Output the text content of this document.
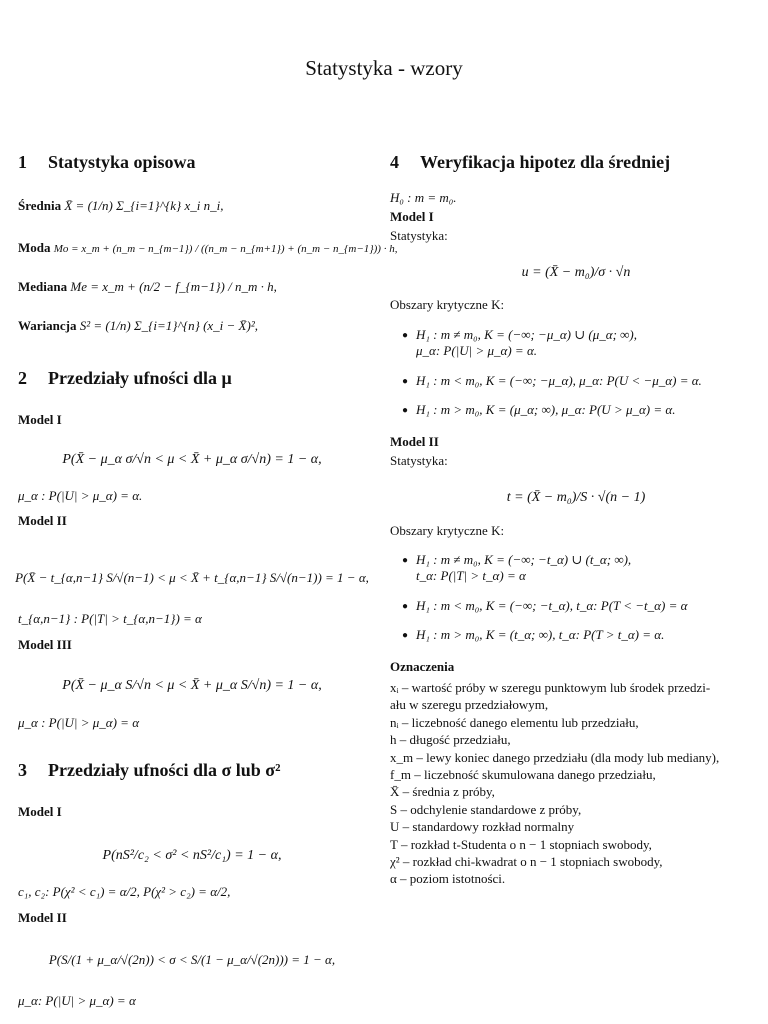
Statystyka - wzory
1 Statystyka opisowa
Średnia X̄ = (1/n) Σ_{i=1}^{k} x_i n_i,
Moda Mo = x_m + (n_m − n_{m−1}) / ((n_m − n_{m+1}) + (n_m − n_{m−1})) · h,
Mediana Me = x_m + (n/2 − f_{m−1}) / n_m · h,
Wariancja S² = (1/n) Σ_{i=1}^{n} (x_i − X̄)²,
2 Przedziały ufności dla μ
Model I
P(X̄ − μ_α σ/√n < μ < X̄ + μ_α σ/√n) = 1 − α,
μ_α : P(|U| > μ_α) = α.
Model II
P(X̄ − t_{α,n−1} S/√(n−1) < μ < X̄ + t_{α,n−1} S/√(n−1)) = 1 − α,
t_{α,n−1} : P(|T| > t_{α,n−1}) = α
Model III
P(X̄ − μ_α S/√n < μ < X̄ + μ_α S/√n) = 1 − α,
μ_α : P(|U| > μ_α) = α
3 Przedziały ufności dla σ lub σ²
Model I
P(nS²/c₂ < σ² < nS²/c₁) = 1 − α,
c₁, c₂: P(χ² < c₁) = α/2, P(χ² > c₂) = α/2,
Model II
P(S/(1 + μ_α/√(2n)) < σ < S/(1 − μ_α/√(2n))) = 1 − α,
μ_α: P(|U| > μ_α) = α
4 Weryfikacja hipotez dla średniej
H₀ : m = m₀.
Model I
Statystyka:
u = (X̄ − m₀)/σ · √n
Obszary krytyczne K:
● H₁ : m ≠ m₀, K = (−∞; −μ_α) ∪ (μ_α; ∞),
μ_α: P(|U| > μ_α) = α.
● H₁ : m < m₀, K = (−∞; −μ_α), μ_α: P(U < −μ_α) = α.
● H₁ : m > m₀, K = (μ_α; ∞), μ_α: P(U > μ_α) = α.
Model II
Statystyka:
t = (X̄ − m₀)/S · √(n − 1)
Obszary krytyczne K:
● H₁ : m ≠ m₀, K = (−∞; −t_α) ∪ (t_α; ∞),
t_α: P(|T| > t_α) = α
● H₁ : m < m₀, K = (−∞; −t_α), t_α: P(T < −t_α) = α
● H₁ : m > m₀, K = (t_α; ∞), t_α: P(T > t_α) = α.
Oznaczenia
xᵢ – wartość próby w szeregu punktowym lub środek przedzi-
ału w szeregu przedziałowym,
nᵢ – liczebność danego elementu lub przedziału,
h – długość przedziału,
x_m – lewy koniec danego przedziału (dla mody lub mediany),
f_m – liczebność skumulowana danego przedziału,
X̄ – średnia z próby,
S – odchylenie standardowe z próby,
U – standardowy rozkład normalny
T – rozkład t-Studenta o n − 1 stopniach swobody,
χ² – rozkład chi-kwadrat o n − 1 stopniach swobody,
α – poziom istotności.
